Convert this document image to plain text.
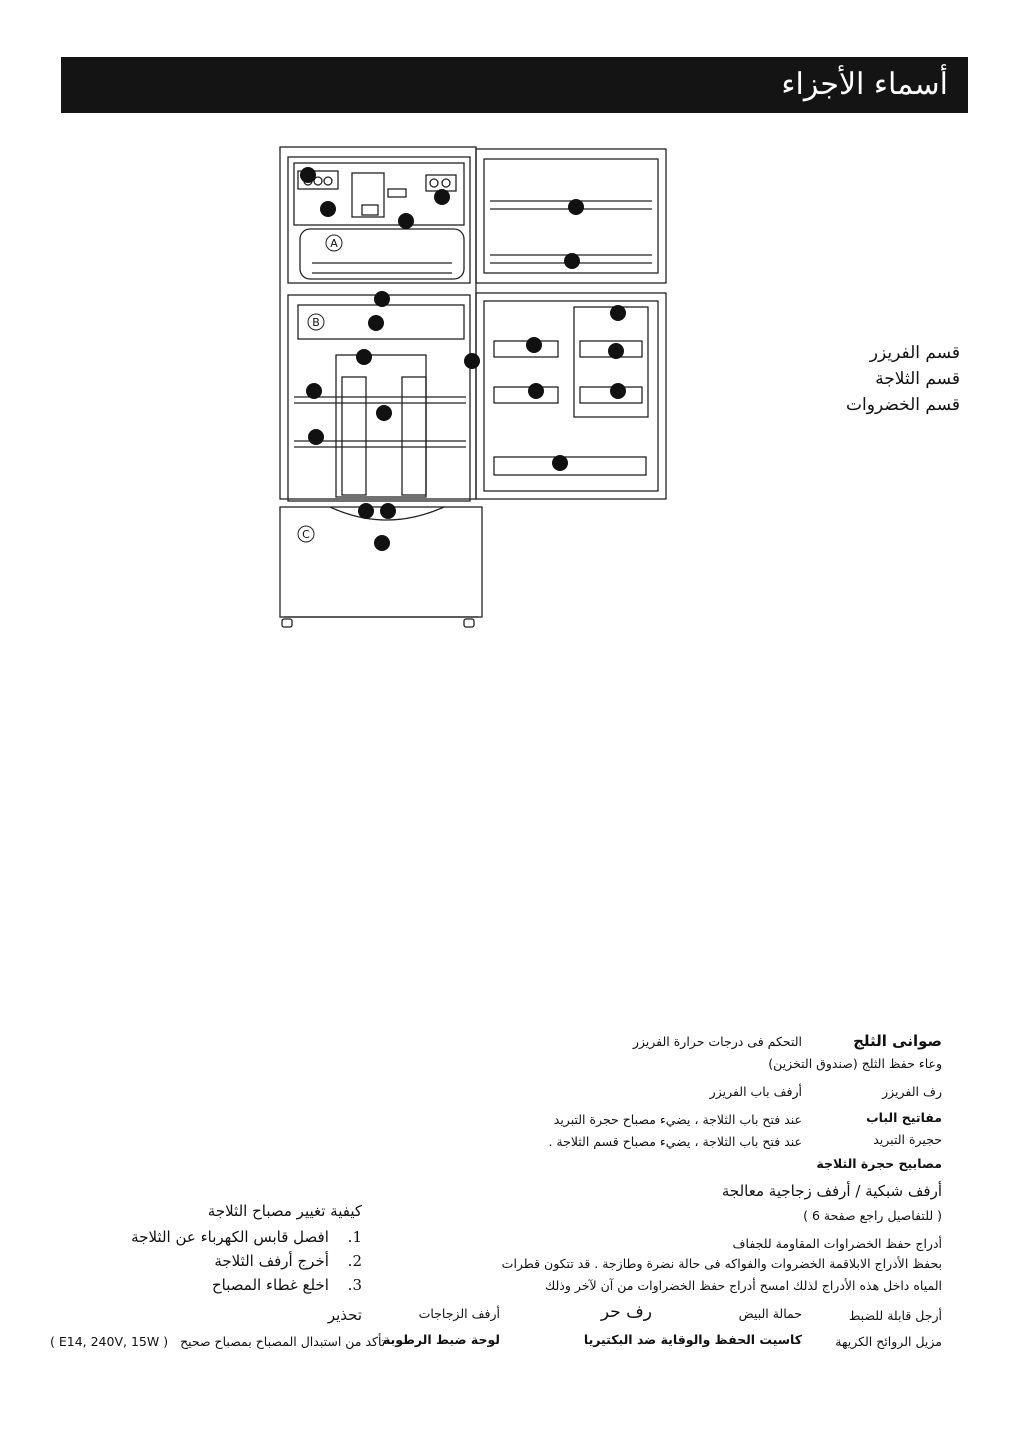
أسماء الأجزاء
A
B
C
قسم الفريزر
قسم الثلاجة
قسم الخضروات
صوانى الثلج
التحكم فى درجات حرارة الفريزر
وعاء حفظ الثلج (صندوق التخزين)
رف الفريزر
أرفف باب الفريزر
مفاتيح الباب
عند فتح باب الثلاجة ، يضيء مصباح حجرة التبريد
حجيرة التبريد
عند فتح باب الثلاجة ، يضيء مصباح قسم الثلاجة .
مصابيح حجرة الثلاجة
أرفف شبكية / أرفف زجاجية معالجة
( للتفاصيل راجع صفحة 6 )
أدراج حفظ الخضراوات المقاومة للجفاف
بحفظ الأدراج الابلاقمة الخضروات والفواكه فى حالة نضرة وطازجة . قد تتكون قطرات
المياه داخل هذه الأدراج لذلك امسح أدراج حفظ الخضراوات من آن لآخر وذلك
أرجل قابلة للضبط
حمالة البيض
رف حر
أرفف الزجاجات
مزيل الروائح الكريهة
كاسيت الحفظ والوقاية ضد البكتيريا
لوحة ضبط الرطوبة
كيفية تغيير مصباح الثلاجة
1. افصل قابس الكهرباء عن الثلاجة
2. أخرج أرفف الثلاجة
3. اخلع غطاء المصباح
تحذير
( E14, 240V, 15W ) تأكد من استبدال المصباح بمصباح صحيح
